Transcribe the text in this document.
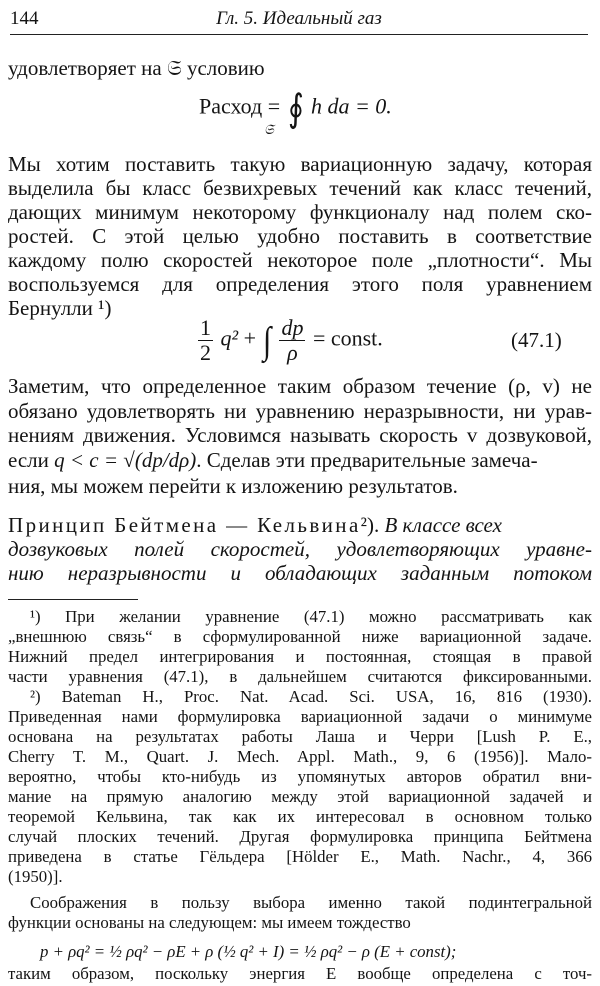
144	Гл. 5. Идеальный газ
удовлетворяет на 𝔖 условию
Расход = ∮ h da = 0.
𝔖
Мы хотим поставить такую вариационную задачу, которая
выделила бы класс безвихревых течений как класс течений,
дающих минимум некоторому функционалу над полем ско-
ростей. С этой целью удобно поставить в соответствие
каждому полю скоростей некоторое поле „плотности“. Мы
воспользуемся для определения этого поля уравнением
Бернулли ¹)
$\frac{1}{2} q^2$ + ∫ $\frac{dp}{\rho}$ = const.	(47.1)
Заметим, что определенное таким образом течение (ρ, v) не
обязано удовлетворять ни уравнению неразрывности, ни урав-
нениям движения. Условимся называть скорость v дозвуковой,
если q < c = √(dp/dρ). Сделав эти предварительные замеча-
ния, мы можем перейти к изложению результатов.
Принцип Бейтмена — Кельвина²). В классе всех
дозвуковых полей скоростей, удовлетворяющих уравне-
нию неразрывности и обладающих заданным потоком
¹) При желании уравнение (47.1) можно рассматривать как
„внешнюю связь“ в сформулированной ниже вариационной задаче.
Нижний предел интегрирования и постоянная, стоящая в правой
части уравнения (47.1), в дальнейшем считаются фиксированными.
²) Bateman H., Proc. Nat. Acad. Sci. USA, 16, 816 (1930).
Приведенная нами формулировка вариационной задачи о минимуме
основана на результатах работы Лаша и Черри [Lush P. E.,
Cherry T. M., Quart. J. Mech. Appl. Math., 9, 6 (1956)]. Мало-
вероятно, чтобы кто-нибудь из упомянутых авторов обратил вни-
мание на прямую аналогию между этой вариационной задачей и
теоремой Кельвина, так как их интересовал в основном только
случай плоских течений. Другая формулировка принципа Бейтмена
приведена в статье Гёльдера [Hölder E., Math. Nachr., 4, 366
(1950)].
Соображения в пользу выбора именно такой подинтегральной
функции основаны на следующем: мы имеем тождество
p + ρq² = ½ ρq² − ρE + ρ (½ q² + I) = ½ ρq² − ρ (E + const);
таким образом, поскольку энергия E вообще определена с точ-
